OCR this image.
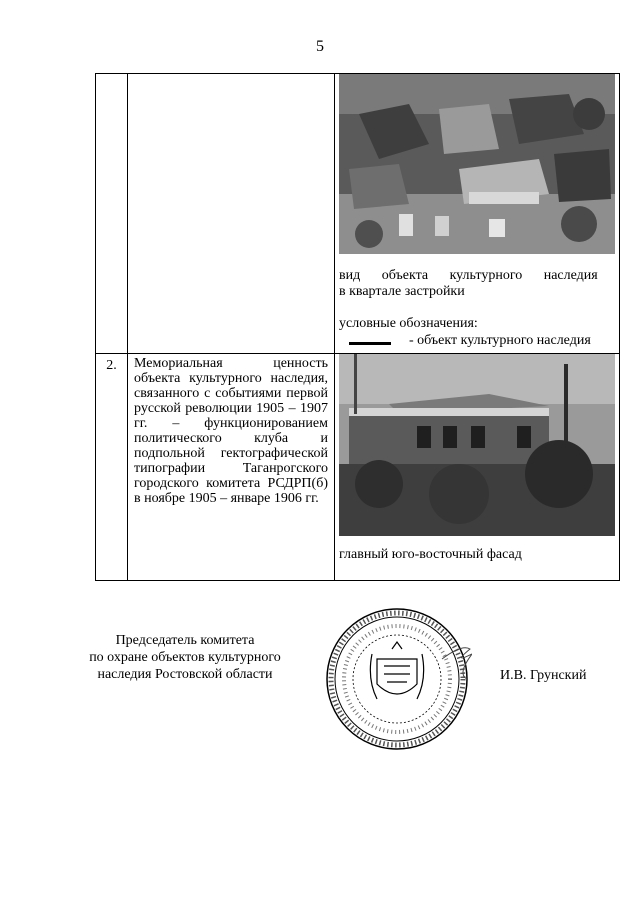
5

		вид объекта культурного наследия
в квартале застройки
условные обозначения:
- объект культурного наследия

2.	Мемориальная ценность объекта культурного наследия, связанного с событиями первой русской революции 1905 – 1907 гг. – функционированием политического клуба и подпольной гектографической типографии Таганрогского городского комитета РСДРП(б) в ноябре 1905 – январе 1906 гг.	главный юго-восточный фасад
Председатель комитета
по охране объектов культурного
наследия Ростовской области	И.В. Грунский
